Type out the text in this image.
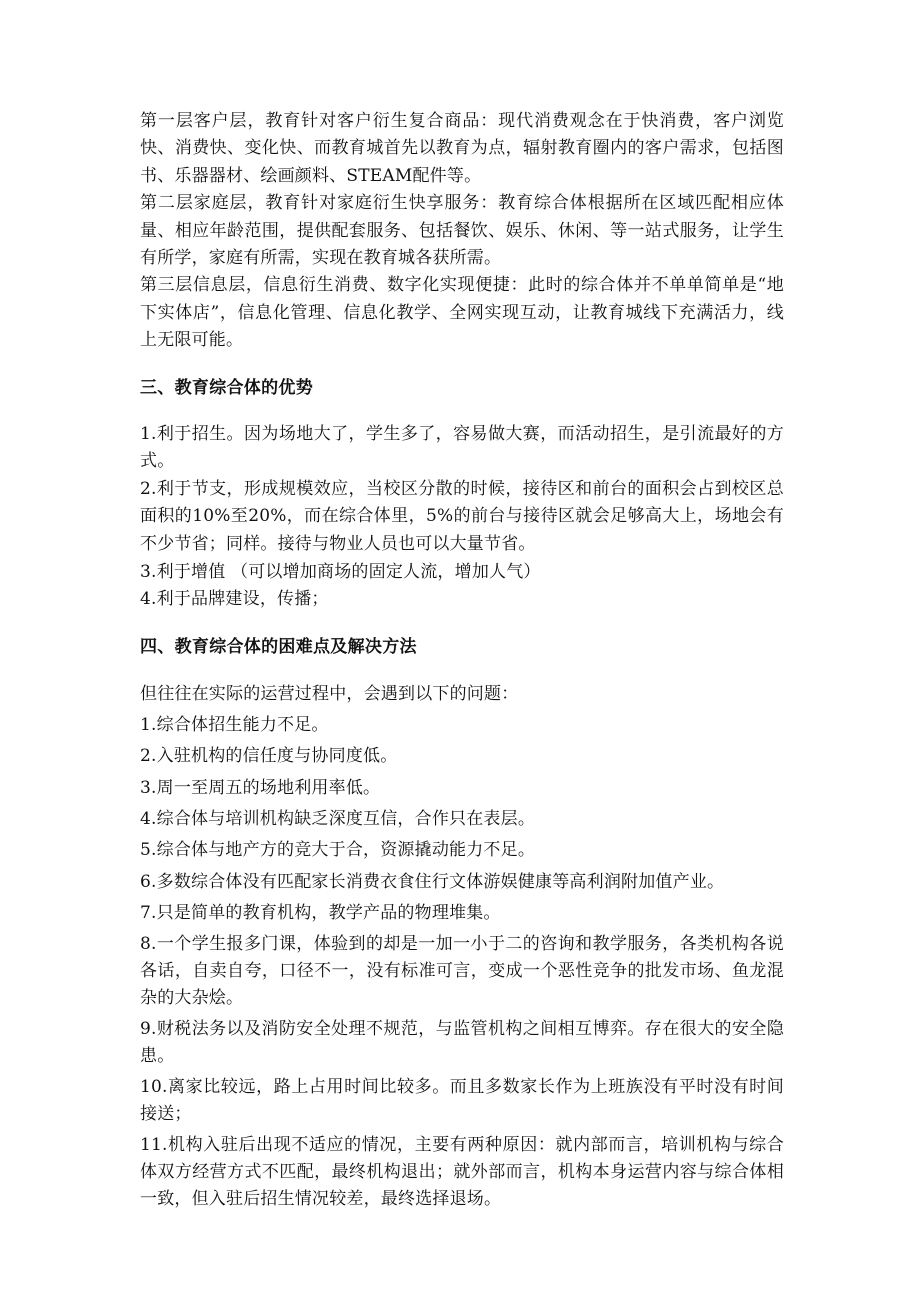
第一层客户层，教育针对客户衍生复合商品：现代消费观念在于快消费，客户浏览快、消费快、变化快、而教育城首先以教育为点，辐射教育圈内的客户需求，包括图书、乐器器材、绘画颜料、STEAM配件等。

第二层家庭层，教育针对家庭衍生快享服务：教育综合体根据所在区域匹配相应体量、相应年龄范围，提供配套服务、包括餐饮、娱乐、休闲、等一站式服务，让学生有所学，家庭有所需，实现在教育城各获所需。

第三层信息层，信息衍生消费、数字化实现便捷：此时的综合体并不单单简单是“地下实体店”，信息化管理、信息化教学、全网实现互动，让教育城线下充满活力，线上无限可能。

三、教育综合体的优势

1.利于招生。因为场地大了，学生多了，容易做大赛，而活动招生，是引流最好的方式。

2.利于节支，形成规模效应，当校区分散的时候，接待区和前台的面积会占到校区总面积的10%至20%，而在综合体里，5%的前台与接待区就会足够高大上，场地会有不少节省；同样。接待与物业人员也可以大量节省。

3.利于增值 （可以增加商场的固定人流，增加人气）

4.利于品牌建设，传播；

四、教育综合体的困难点及解决方法

但往往在实际的运营过程中，会遇到以下的问题：

1.综合体招生能力不足。

2.入驻机构的信任度与协同度低。

3.周一至周五的场地利用率低。

4.综合体与培训机构缺乏深度互信，合作只在表层。

5.综合体与地产方的竞大于合，资源撬动能力不足。

6.多数综合体没有匹配家长消费衣食住行文体游娱健康等高利润附加值产业。

7.只是简单的教育机构，教学产品的物理堆集。

8.一个学生报多门课，体验到的却是一加一小于二的咨询和教学服务，各类机构各说各话，自卖自夸，口径不一，没有标准可言，变成一个恶性竞争的批发市场、鱼龙混杂的大杂烩。

9.财税法务以及消防安全处理不规范，与监管机构之间相互博弈。存在很大的安全隐患。

10.离家比较远，路上占用时间比较多。而且多数家长作为上班族没有平时没有时间接送；

11.机构入驻后出现不适应的情况，主要有两种原因：就内部而言，培训机构与综合体双方经营方式不匹配，最终机构退出；就外部而言，机构本身运营内容与综合体相一致，但入驻后招生情况较差，最终选择退场。
